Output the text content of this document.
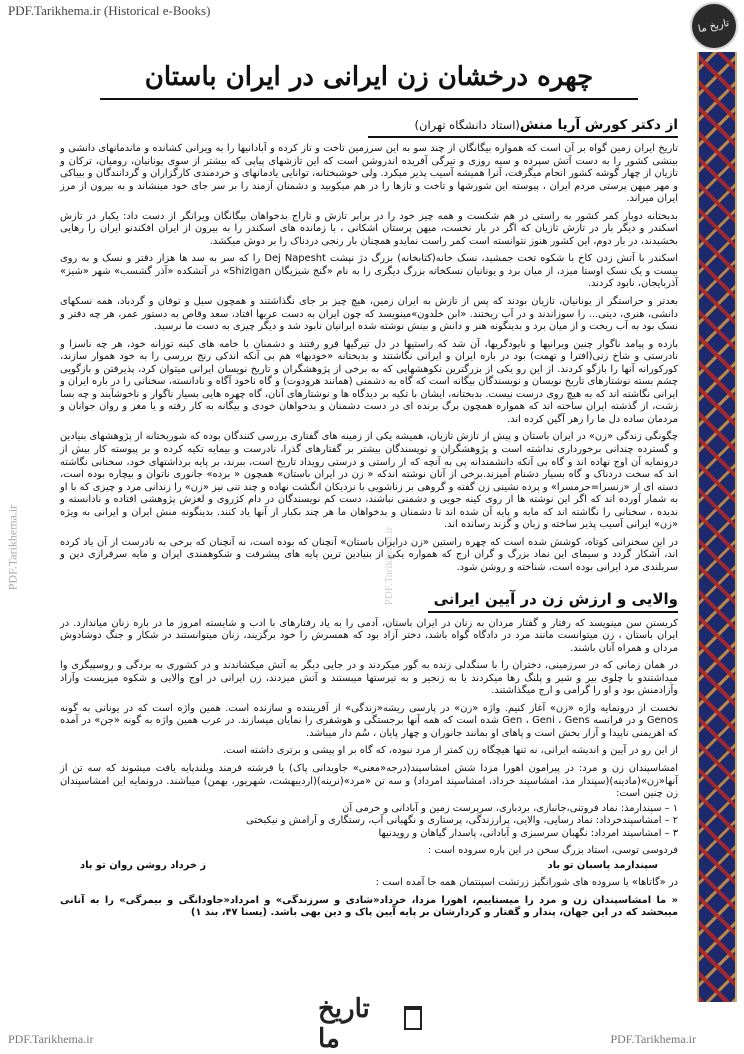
PDF.Tarikhema.ir (Historical e-Books)
تاریخ ما
PDF.Tarikhema.ir	PDF.Tarikhema.ir
چهره درخشان زن ایرانی در ایران باستان
از دکتر کورش آریا منش(استاد دانشگاه تهران)

تاریخ ایران زمین گواه بر آن است که همواره بیگانگان از چند سو به این سرزمین تاخت و تاز کرده و آبادانیها را به ویرانی کشانده و ماندمانهای دانشی و بینشی کشور را به دست آتش سپرده و سیه روزی و تیرگی آفریده اندروشن است که این تازشهای پیاپی که بیشتر از سوی یونانیان، رومیان، ترکان و تازیان از چهار گوشه کشور انجام میگرفت، آنرا همیشه آسیب پذیر میکرد. ولی خوشبختانه، توانایی یادمانهای و خردمندی کارگزاران و گردانندگان و بیباکی و مهر میهن پرستی مردم ایران ، پیوسته این شورشها و تاخت و تازها را در هم میکوبید و دشمنان آزمند را بر سر جای خود مینشاند و به بیرون از مرز ایران میراند.

بدبختانه دوبار کمر کشور به راستی در هم شکست و همه چیز خود را در برابر تازش و تاراج بدخواهان بیگانگان ویرانگر از دست داد: یکبار در تازش اسکندر و دیگر بار در تازش تازیان که اگر در بار نخست، میهن پرستان اشکانی ، با زمانده های اسکندر را به بیرون از ایران افکندنو ایران را رهایی بخشیدند، در بار دوم، این کشور هنوز نتوانسته است کمر راست نمایدو همچنان بار رنجی دردناک را بر دوش میکشد.

اسکندر با آتش زدن کاخ با شکوه تخت جمشید، نسک خانه(کتابخانه) بزرگ دژ نپشت Dej Napesht را که سر به سد ها هزار دفتر و نسک و به روی بیست و یک نسک اوستا میزد، از میان برد و یونانیان نسکخانه بزرگ دیگری را به نام «گنج شیزیگان Shizigan» در آتشکده «آذر گشسب» شهر «شیز» آذربایجان، نابود کردند.

بعدتر و حراستگر از یونانیان، تازیان بودند که پس از تازش به ایران زمین، هیچ چیز بر جای نگذاشتند و همچون سیل و توفان و گردباد، همه نسکهای دانشی، هنری، دینی... را سوزاندند و در آب ریختند. «ابن خلدون»مینویسد که چون ایران به دست عربها افتاد، سعد وقاص به دستور عمر، هر چه دفتر و نسک بود به آب ریخت و از میان برد و بدینگونه هنر و دانش و بینش نوشته شده ایرانیان نابود شد و دیگر چیزی به دست ما نرسید.

بازده و پیامد ناگوار چنین ویرانیها و نابودگریها، آن شد که راستیها در دل تیرگیها فرو رفتند و دشمنان با خامه های کینه توزانه خود، هر چه ناسزا و نادرستی و شاخ زنی(افترا و تهمت) بود در باره ایران و ایرانی نگاشتند و بدبختانه «خودیها» هم بی آنکه اندکی رنج بررسی را به خود هموار سازند، کورکورانه آنها را بازگو کردند. از این رو یکی از بزرگترین نکوهشهایی که به برخی از پژوهشگران و تاریخ نویسان ایرانی میتوان کرد، پذیرفتن و بازگویی چشم بسته نوشتارهای تاریخ نویسان و نویسندگان بیگانه است که گاه به دشمنی (همانند هرودوت) و گاه ناخود آگاه و نادانسته، سخنانی را در باره ایران و ایرانی نگاشته اند که به هیچ روی درست نیست. بدبختانه، ایشان با تکیه بر دیدگاه ها و نوشتارهای آنان، گاه چهره هایی بسیار ناگوار و ناخوشآیند و چه بسا زشت، از گذشته ایران ساخته اند که همواره همچون برگ برنده ای در دست دشمنان و بدخواهان خودی و بیگانه به کار رفته و یا مغز و روان جوانان و مردمان ساده دل ما را زهر آگین کرده اند.

چگونگی زندگی «زن» در ایران باستان و پیش از تازش تازیان، همیشه یکی از زمینه های گفتاری بررسی کنندگان بوده که شوربختانه از پژوهشهای بنیادین و گسترده چندانی برخورداری نداشته است و پژوهشگران و نویسندگان بیشتر بر گفتارهای گذرا، نادرست و بیمایه تکیه کرده و بر پیوسته کار بیش از درونمایه آن اوج نهاده اند و گاه بی آنکه دانشمندانه پی به آنچه که از راستی و درستی رویداد تاریخ است، ببرند، بر پایه برداشتهای خود، سخنانی نگاشته اند که سخت دردناک و گاه بسیار دشنام آمیزند.برخی از آنان نوشته اندکه « زن در ایران باستان» همچون « برده» جانوری ناتوان و بیچاره بوده است، دسته ای از «زنسرا=حرمسرا» و پرده نشینی زن گفته و گروهی بر زناشویی با نزدیکان انگشت نهاده و چند تنی نیز «زن» را زندانی مرد و چیزی که با او به شمار آورده اند که اگر این نوشته ها از روی کینه جویی و دشمنی نباشند، دست کم نویسندگان در دام کژروی و لغزش پژوهشی افتاده و نادانسته و ندیده ، سخنانی را نگاشته اند که مایه و پایه آن شده اند تا دشمنان و بدخواهان ما هر چند بکبار از آنها یاد کنند. بدینگونه منش ایران و ایرانی به ویژه «زن» ایرانی آسیب پذیر ساخته و زبان و گزند رسانده اند.

در این سخنرانی کوتاه، کوشش شده است که چهره راستین «زن درایران باستان» آنچنان که بوده است، نه آنچنان که برخی به نادرست از آن یاد کرده اند، آشکار گردد و سیمای این نماد بزرگ و گران ارج که همواره یکی از بنیادین ترین پایه های پیشرفت و شکوهمندی ایران و مایه سرفرازی دین و سربلندی مرد ایرانی بوده است، شناخته و روشن شود.

والایی و ارزش زن در آیین ایرانی

کریستن سن مینویسد که رفتار و گفتار مردان به زنان در ایران باستان، آدمی را به یاد رفتارهای با ادب و شایسته امروز ما در باره زنان میاندازد. در ایران باستان ، زن میتوانست مانند مرد در دادگاه گواه باشد، دختر آزاد بود که همسرش را خود برگزیند، زنان میتوانستند در شکار و جنگ دوشادوش مردان و همراه آنان باشند.

در همان زمانی که در سرزمینی، دختران را با سنگدلی زنده به گور میکردند و در جایی دیگر به آتش میکشاندند و در کشوری به بردگی و روسپیگری وا میداشتندو با چلوی بیر و شیر و پلنگ رها میکردند یا به زنجیر و به تیرستها میبستند و آتش میزدند، زن ایرانی در اوج والایی و شکوه میزیست وآزاد وآزادمنش بود و او را گرامی و ارج میگذاشتند.

نخست از درونمایه واژه «زن» آغاز کنیم. واژه «زن» در پارسی ریشه«زندگی» از آفریننده و سازنده است. همین واژه است که در یونانی به گونه Genos و در فرانسه Gen ، Geni ، Gens شده است که همه آنها برجستگی و هوشفری را نمایان میسازند. در عرب همین واژه به گونه «جن» در آمده که اهریمنی ناپیدا و آزار بخش است و پاهای او بمانند جانوران و چهار پایان ، سُم دار میباشد.

از این رو در آیین و اندیشه ایرانی، نه تنها هیچگاه زن کمتر از مرد نبوده، که گاه بر او پیشی و برتری داشته است.

امشاسپندان زن و مرد: در پیرامون اهورا مزدا شش امشاسپند(درجه«معنی» جاویدانی پاک) یا فرشته فرمند وبلندپایه یافت میشوند که سه تن از آنها«زن»(مادینه)(سپندار مذ، امشاسپند خرداد، امشاسپند امرداد) و سه تن «مرد»(نرینه)(اردیبهشت، شهریور، بهمن) میباشند. درونمایه این امشاسپندان زن چنین است:

۱ – سپندارمذ: نماد فروتنی،جانبازی، بردباری، سرپرست زمین و آبادانی و خرمی آن
۲ – امشاسپندخرداد: نماد رسایی، والایی، پرارزندگی، پرستاری و نگهبانی آب، رستگاری و آرامش و نیکبختی
۳ – امشاسپند امرداد: نگهبان سرسبزی و آبادانی، پاسدار گیاهان و رویدنیها

فردوسی توسی، استاد بزرگ سخن در این باره سروده است :

سپندارمذ پاسبان تو باد
ز خرداد روشن روان تو باد

در «گاتاها» یا سروده های شورانگیز زرتشت اسپنتمان همه جا آمده است :

« ما امشاسپندان زن و مرد را میستاییم، اهورا مزدا، خرداد«شادی و سرزندگی» و امرداد«جاودانگی و بیمرگی» را به آنانی میبخشد که در این جهان، پندار و گفتار و کردارشان بر پایه آیین پاک و دین بهی باشد. (یسنا ۴۷، بند ۱)

تاریخ ما
PDF.Tarikhema.ir	PDF.Tarikhema.ir
